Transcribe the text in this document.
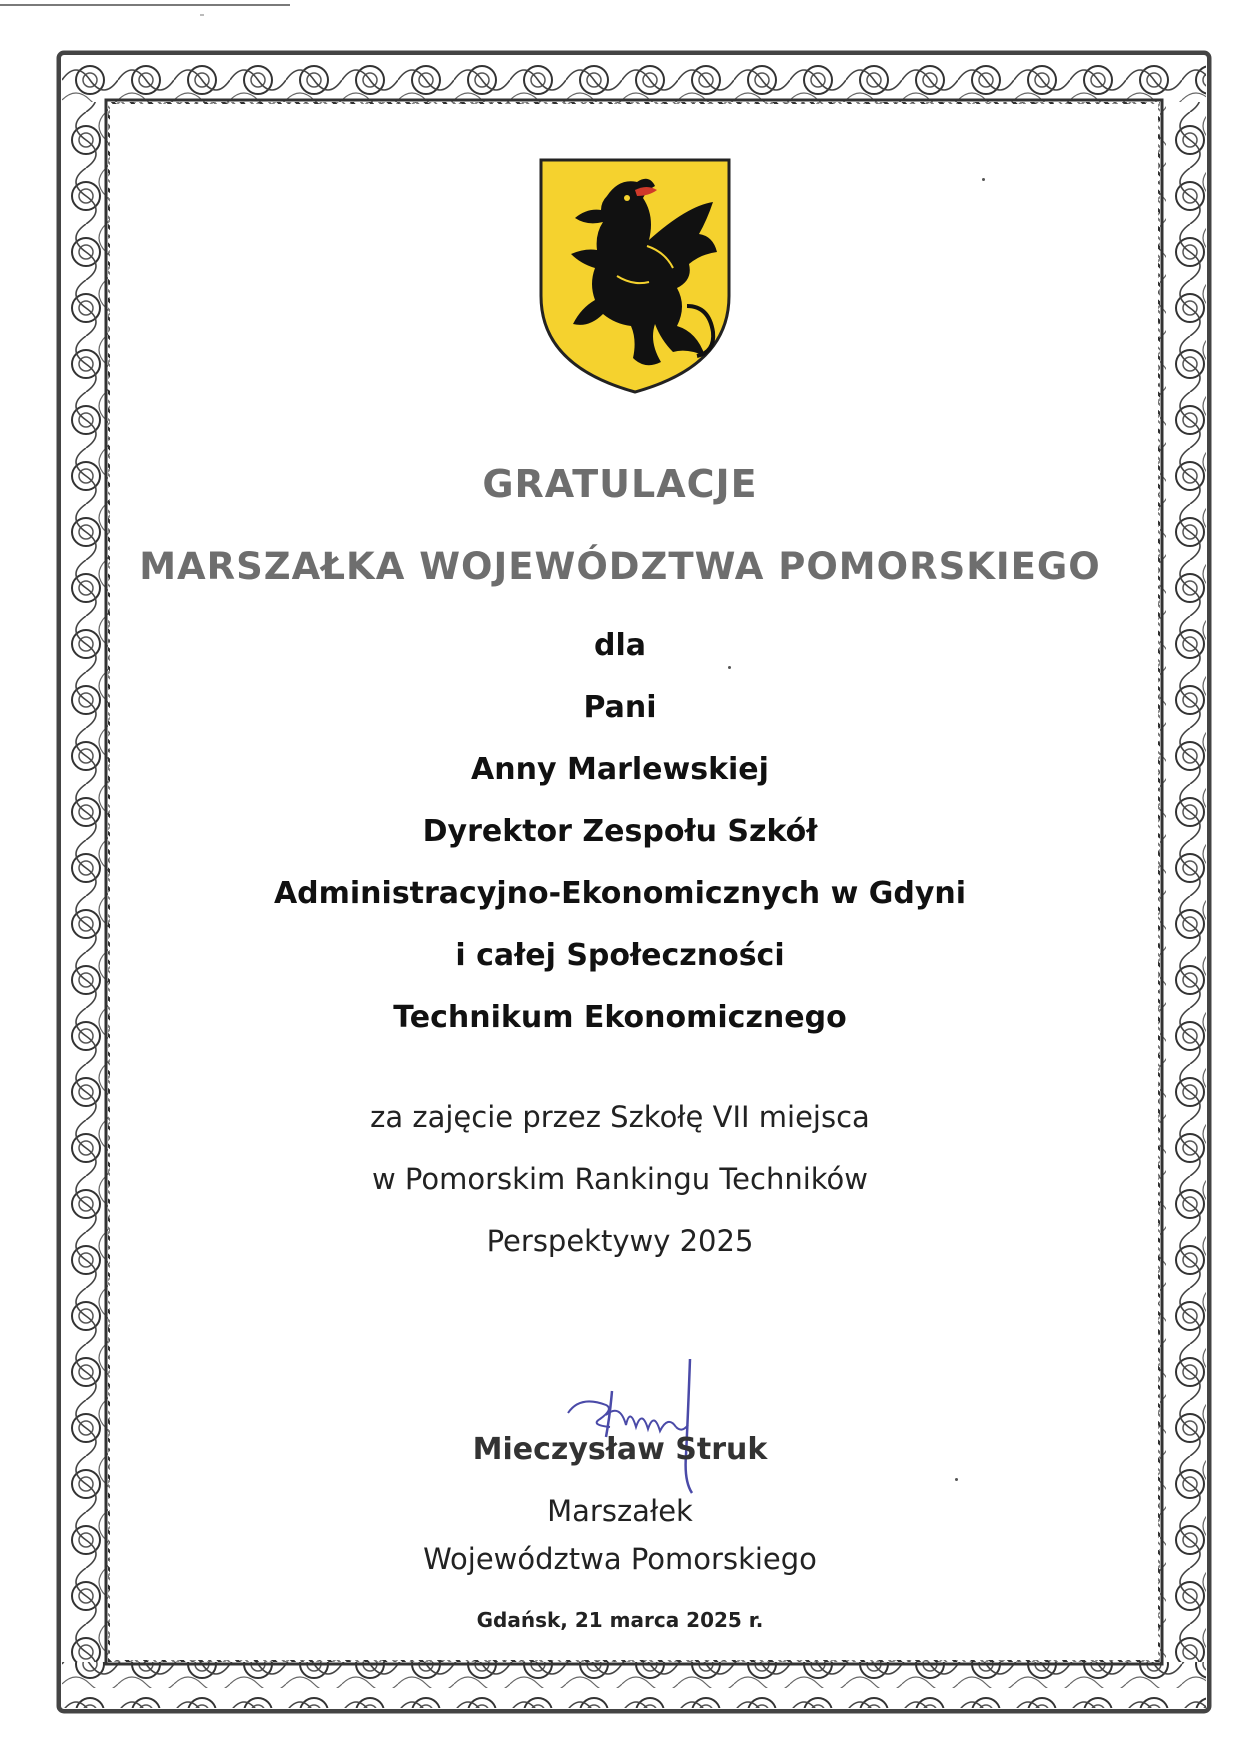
GRATULACJE
MARSZAŁKA WOJEWÓDZTWA POMORSKIEGO
dla
Pani
Anny Marlewskiej
Dyrektor Zespołu Szkół
Administracyjno-Ekonomicznych w Gdyni
i całej Społeczności
Technikum Ekonomicznego
za zajęcie przez Szkołę VII miejsca
w Pomorskim Rankingu Techników
Perspektywy 2025
Mieczysław Struk
Marszałek
Województwa Pomorskiego
Gdańsk, 21 marca 2025 r.
